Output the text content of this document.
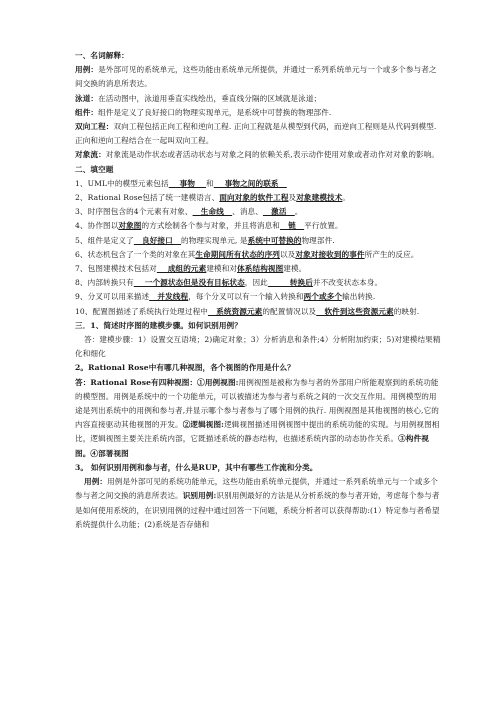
一、名词解释：

用例：是外部可见的系统单元，这些功能由系统单元所提供，并通过一系列系统单元与一个或多个参与者之间交换的消息所表达。

泳道：在活动图中，泳道用垂直实线绘出，垂直线分隔的区域就是泳道；

组件：组件是定义了良好接口的物理实现单元，是系统中可替换的物理部件.

双向工程：双向工程包括正向工程和逆向工程. 正向工程就是从模型到代码，而逆向工程则是从代码到模型. 正向和逆向工程结合在一起叫双向工程。

对象流：对象流是动作状态或者活动状态与对象之间的依赖关系,表示动作使用对象或者动作对对象的影响。

二、填空题

1、UML中的模型元素包括    事物    和    事物之间的联系

2、Rational Rose包括了统一建模语言、面向对象的软件工程及对象建模技术。

3、时序图包含的4个元素有对象、   生命线   、消息、   激活   。

4、协作图以对象图的方式绘制各个参与对象，并且将消息和   链   平行放置。

5、组件是定义了   良好接口   的物理实现单元, 是系统中可替换的物理部件.

6、状态机包含了一个类的对象在其生命期间所有状态的序列以及对象对接收到的事件所产生的反应。

7、包图建模技术包括对    成组的元素建模和对体系结构视图建模。

8、内部转换只有    一个源状态但是没有目标状态，因此        转换后并不改变状态本身。

9、分叉可以用来描述   并发线程，每个分叉可以有一个输入转换和两个或多个输出转换.

10、配置图描述了系统执行处理过程中   系统资源元素的配置情况以及   软件到这些资源元素的映射.

三．1、简述时序图的建模步骤。如何识别用例？

答：建模步骤：1）设置交互语境；2)确定对象；3）分析消息和条件;4）分析附加约束；5)对建模结果精化和细化

2。Rational Rose中有哪几种视图，各个视图的作用是什么？

答：Rational Rose有四种视图：①用例视图:用例视图是被称为参与者的外部用户所能观察到的系统功能的模型图。用例是系统中的一个功能单元，可以被描述为参与者与系统之间的一次交互作用。用例模型的用途是列出系统中的用例和参与者,并显示哪个参与者参与了哪个用例的执行. 用例视图是其他视图的核心,它的内容直接驱动其他视图的开发。②逻辑视图:逻辑视图描述用例视图中提出的系统功能的实现。与用例视图相比，逻辑视图主要关注系统内部，它既描述系统的静态结构，也描述系统内部的动态协作关系。③构件视图。④部署视图

3。 如何识别用例和参与者，什么是RUP，其中有哪些工作流和分类。

用例：用例是外部可见的系统功能单元，这些功能由系统单元提供，并通过一系列系统单元与一个或多个参与者之间交换的消息所表达。识别用例:识别用例最好的方法是从分析系统的参与者开始，考虑每个参与者是如何使用系统的，在识别用例的过程中通过回答一下问题，系统分析者可以获得帮助:(1）特定参与者希望系统提供什么功能；(2)系统是否存储和
